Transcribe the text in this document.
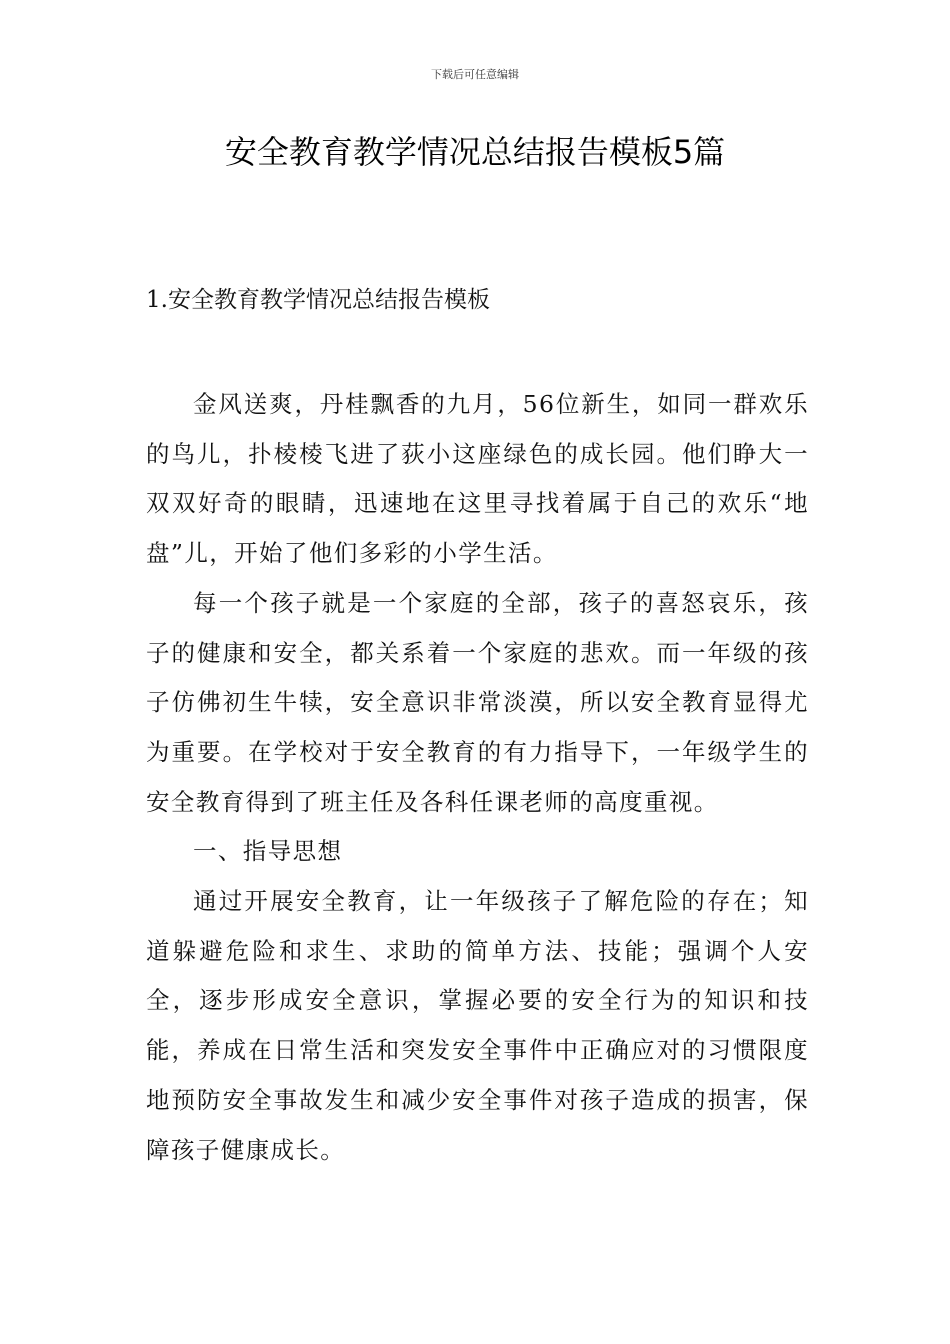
下载后可任意编辑
安全教育教学情况总结报告模板5篇
1.安全教育教学情况总结报告模板

金风送爽，丹桂飘香的九月，56位新生，如同一群欢乐的鸟儿，扑棱棱飞进了荻小这座绿色的成长园。他们睁大一双双好奇的眼睛，迅速地在这里寻找着属于自己的欢乐“地盘”儿，开始了他们多彩的小学生活。

每一个孩子就是一个家庭的全部，孩子的喜怒哀乐，孩子的健康和安全，都关系着一个家庭的悲欢。而一年级的孩子仿佛初生牛犊，安全意识非常淡漠，所以安全教育显得尤为重要。在学校对于安全教育的有力指导下，一年级学生的安全教育得到了班主任及各科任课老师的高度重视。

一、指导思想

通过开展安全教育，让一年级孩子了解危险的存在；知道躲避危险和求生、求助的简单方法、技能；强调个人安全，逐步形成安全意识，掌握必要的安全行为的知识和技能，养成在日常生活和突发安全事件中正确应对的习惯限度地预防安全事故发生和减少安全事件对孩子造成的损害，保障孩子健康成长。
